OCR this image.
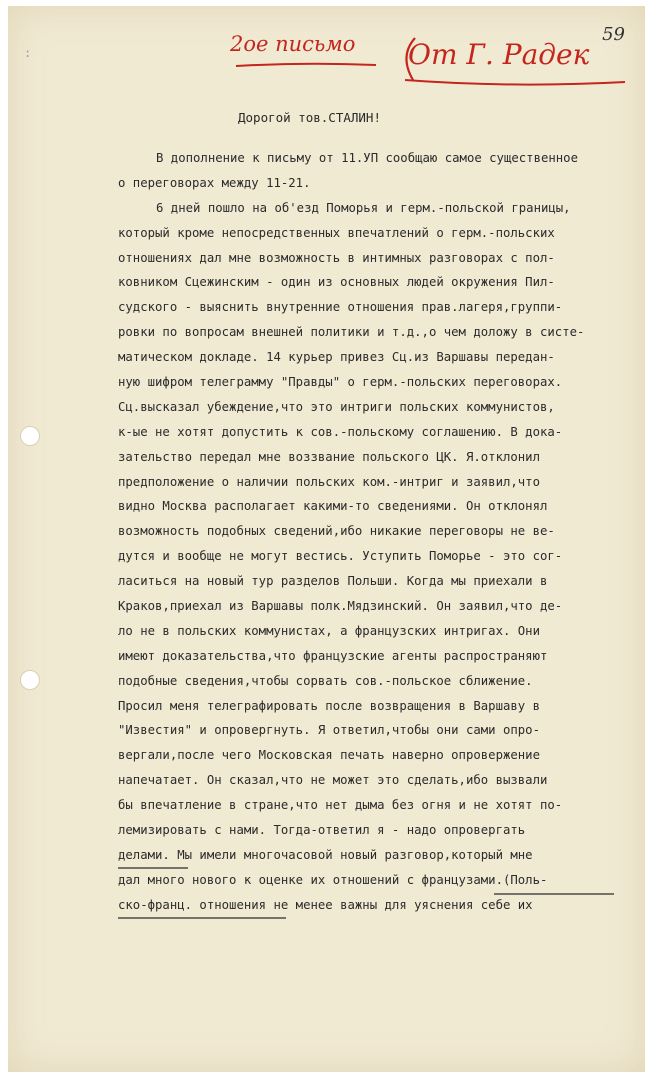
:	2ое письмо От Г. Радек
59
Дорогой тов.СТАЛИН!
В дополнение к письму от 11.УП сообщаю самое существенное
о переговорах между 11-21.
6 дней пошло на об'езд Поморья и герм.-польской границы,
который кроме непосредственных впечатлений о герм.-польских
отношениях дал мне возможность в интимных разговорах с пол-
ковником Сцежинским - один из основных людей окружения Пил-
судского - выяснить внутренние отношения прав.лагеря,группи-
ровки по вопросам внешней политики и т.д.,о чем доложу в систе-
матическом докладе. 14 курьер привез Сц.из Варшавы передан-
ную шифром телеграмму "Правды" о герм.-польских переговорах.
Сц.высказал убеждение,что это интриги польских коммунистов,
к-ые не хотят допустить к сов.-польскому соглашению. В дока-
зательство передал мне воззвание польского ЦК. Я.отклонил
предположение о наличии польских ком.-интриг и заявил,что
видно Москва располагает какими-то сведениями. Он отклонял
возможность подобных сведений,ибо никакие переговоры не ве-
дутся и вообще не могут вестись. Уступить Поморье - это сог-
ласиться на новый тур разделов Польши. Когда мы приехали в
Краков,приехал из Варшавы полк.Мядзинский. Он заявил,что де-
ло не в польских коммунистах, а французских интригах. Они
имеют доказательства,что французские агенты распространяют
подобные сведения,чтобы сорвать сов.-польское сближение.
Просил меня телеграфировать после возвращения в Варшаву в
"Известия" и опровергнуть. Я ответил,чтобы они сами опро-
вергали,после чего Московская печать наверно опровержение
напечатает. Он сказал,что не может это сделать,ибо вызвали
бы впечатление в стране,что нет дыма без огня и не хотят по-
лемизировать с нами. Тогда-ответил я - надо опровергать
делами. Мы имели многочасовой новый разговор,который мне
дал много нового к оценке их отношений с французами.(Поль-
ско-франц. отношения не менее важны для уяснения себе их
